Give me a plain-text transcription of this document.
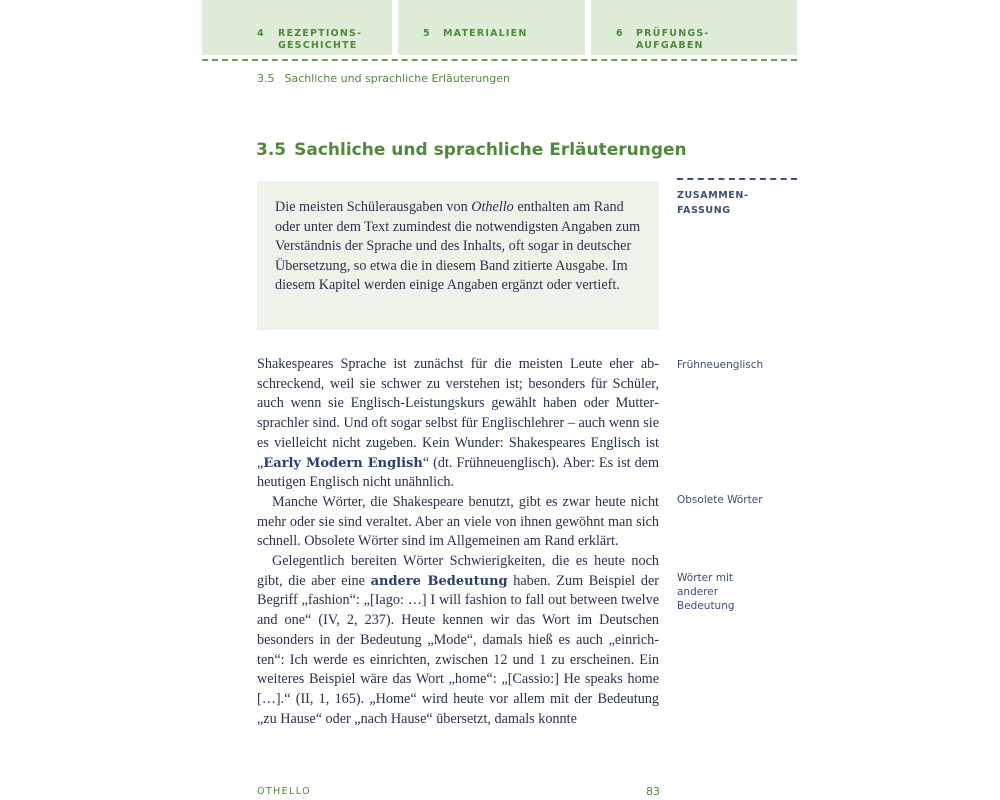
4 REZEPTIONS-
GESCHICHTE
5 MATERIALIEN	6 PRÜFUNGS-
AUFGABEN
3.5 Sachliche und sprachliche Erläuterungen
3.5 Sachliche und sprachliche Erläuterungen

Die meisten Schülerausgaben von Othello enthalten am Rand oder unter dem Text zumindest die notwendigsten Angaben zum Verständnis der Sprache und des Inhalts, oft sogar in deutscher Übersetzung, so etwa die in diesem Band zitierte Ausgabe. Im diesem Kapitel werden einige Angaben ergänzt oder vertieft.

ZUSAMMEN-
FASSUNG
Frühneuenglisch
Obsolete Wörter
Wörter mit
anderer
Bedeutung

Shakespeares Sprache ist zunächst für die meisten Leute eher abschreckend, weil sie schwer zu verstehen ist; besonders für Schüler, auch wenn sie Englisch-Leistungskurs gewählt haben oder Muttersprachler sind. Und oft sogar selbst für Englischlehrer – auch wenn sie es vielleicht nicht zugeben. Kein Wunder: Shakespeares Englisch ist „Early Modern English“ (dt. Frühneuenglisch). Aber: Es ist dem heutigen Englisch nicht unähnlich.

Manche Wörter, die Shakespeare benutzt, gibt es zwar heute nicht mehr oder sie sind veraltet. Aber an viele von ihnen gewöhnt man sich schnell. Obsolete Wörter sind im Allgemeinen am Rand erklärt.

Gelegentlich bereiten Wörter Schwierigkeiten, die es heute noch gibt, die aber eine andere Bedeutung haben. Zum Beispiel der Begriff „fashion“: „[Iago: …] I will fashion to fall out between twelve and one“ (IV, 2, 237). Heute kennen wir das Wort im Deutschen besonders in der Bedeutung „Mode“, damals hieß es auch „einrichten“: Ich werde es einrichten, zwischen 12 und 1 zu erscheinen. Ein weiteres Beispiel wäre das Wort „home“: „[Cassio:] He speaks home […].“ (II, 1, 165). „Home“ wird heute vor allem mit der Bedeutung „zu Hause“ oder „nach Hause“ übersetzt, damals konnte

OTHELLO	83
